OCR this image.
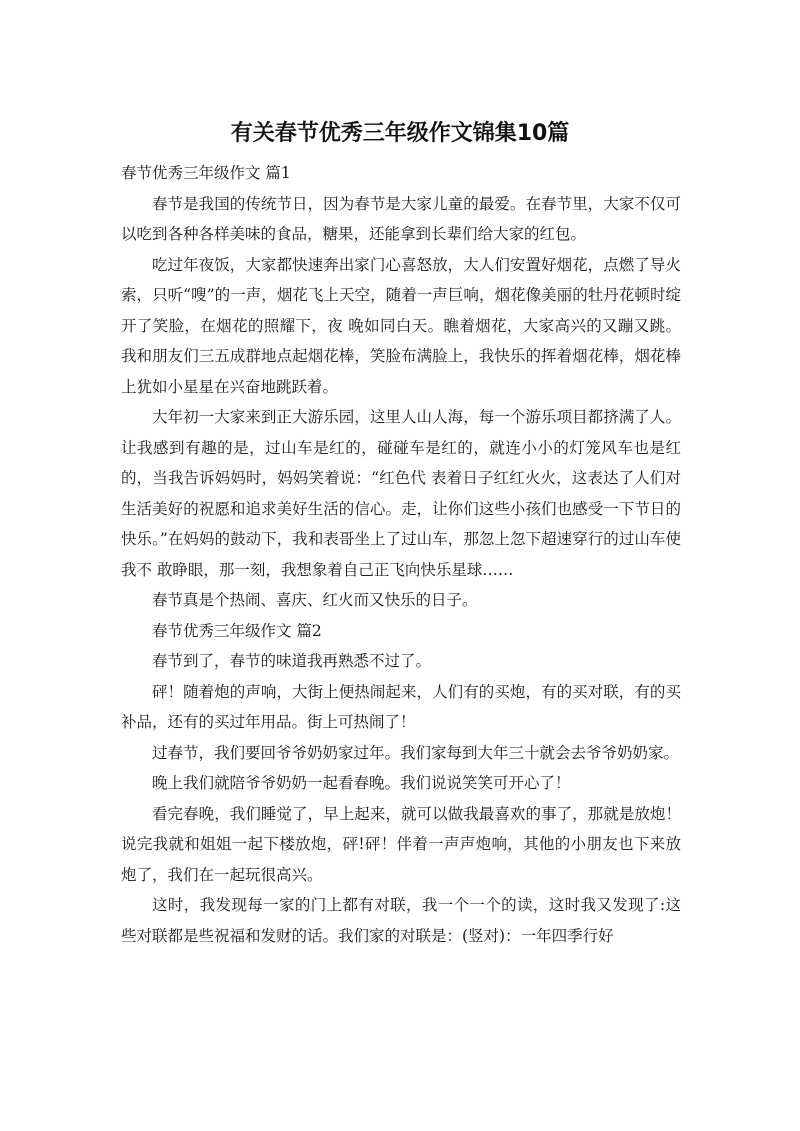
有关春节优秀三年级作文锦集10篇

春节优秀三年级作文 篇1

春节是我国的传统节日，因为春节是大家儿童的最爱。在春节里，大家不仅可以吃到各种各样美味的食品，糖果，还能拿到长辈们给大家的红包。

吃过年夜饭，大家都快速奔出家门心喜怒放，大人们安置好烟花，点燃了导火索，只听“嗖”的一声，烟花飞上天空，随着一声巨响，烟花像美丽的牡丹花顿时绽开了笑脸，在烟花的照耀下，夜 晚如同白天。瞧着烟花，大家高兴的又蹦又跳。我和朋友们三五成群地点起烟花棒，笑脸布满脸上，我快乐的挥着烟花棒，烟花棒上犹如小星星在兴奋地跳跃着。

大年初一大家来到正大游乐园，这里人山人海，每一个游乐项目都挤满了人。让我感到有趣的是，过山车是红的，碰碰车是红的，就连小小的灯笼风车也是红的，当我告诉妈妈时，妈妈笑着说：“红色代 表着日子红红火火，这表达了人们对生活美好的祝愿和追求美好生活的信心。走，让你们这些小孩们也感受一下节日的快乐。”在妈妈的鼓动下，我和表哥坐上了过山车，那忽上忽下超速穿行的过山车使我不 敢睁眼，那一刻，我想象着自己正飞向快乐星球……

春节真是个热闹、喜庆、红火而又快乐的日子。

春节优秀三年级作文 篇2

春节到了，春节的味道我再熟悉不过了。

砰！随着炮的声响，大街上便热闹起来，人们有的买炮，有的买对联，有的买补品，还有的买过年用品。街上可热闹了！

过春节，我们要回爷爷奶奶家过年。我们家每到大年三十就会去爷爷奶奶家。

晚上我们就陪爷爷奶奶一起看春晚。我们说说笑笑可开心了！

看完春晚，我们睡觉了，早上起来，就可以做我最喜欢的事了，那就是放炮！说完我就和姐姐一起下楼放炮，砰!砰！伴着一声声炮响，其他的小朋友也下来放炮了，我们在一起玩很高兴。

这时，我发现每一家的门上都有对联，我一个一个的读，这时我又发现了:这些对联都是些祝福和发财的话。我们家的对联是：(竖对)：一年四季行好
